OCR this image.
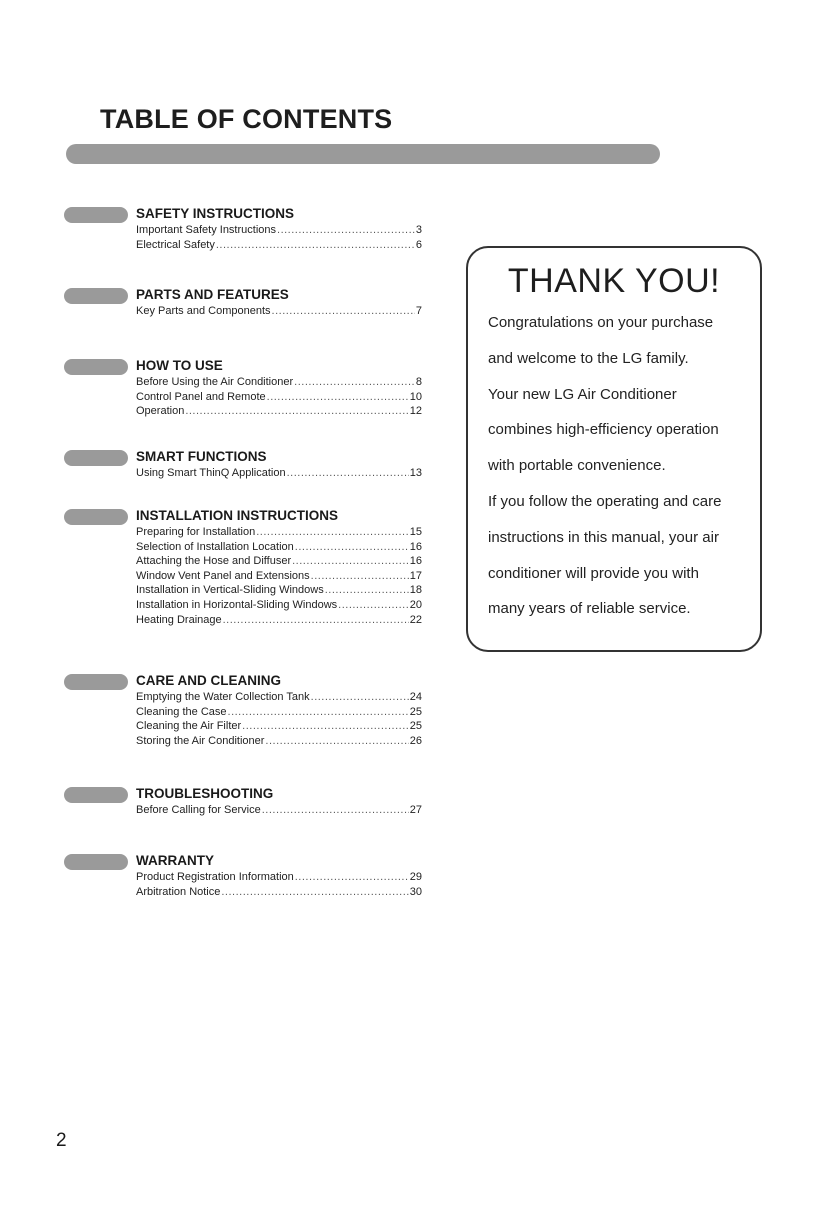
TABLE OF CONTENTS
SAFETY INSTRUCTIONS
Important Safety Instructions .....	3
Electrical Safety .....	6
PARTS AND FEATURES
Key Parts and Components .....	7
HOW TO USE
Before Using the Air Conditioner .....	8
Control Panel and Remote .....	10
Operation .....	12
SMART FUNCTIONS
Using Smart ThinQ Application .....	13
INSTALLATION INSTRUCTIONS
Preparing for Installation .....	15
Selection of Installation Location .....	16
Attaching the Hose and Diffuser .....	16
Window Vent Panel and Extensions .....	17
Installation in Vertical-Sliding Windows .....	18
Installation in Horizontal-Sliding Windows .....	20
Heating Drainage .....	22
CARE AND CLEANING
Emptying the Water Collection Tank .....	24
Cleaning the Case .....	25
Cleaning the Air Filter .....	25
Storing the Air Conditioner .....	26
TROUBLESHOOTING
Before Calling for Service .....	27
WARRANTY
Product Registration Information .....	29
Arbitration Notice .....	30
THANK YOU!
Congratulations on your purchase
and welcome to the LG family.
Your new LG Air Conditioner
combines high-efficiency operation
with portable convenience.
If you follow the operating and care
instructions in this manual, your air
conditioner will provide you with
many years of reliable service.
2
